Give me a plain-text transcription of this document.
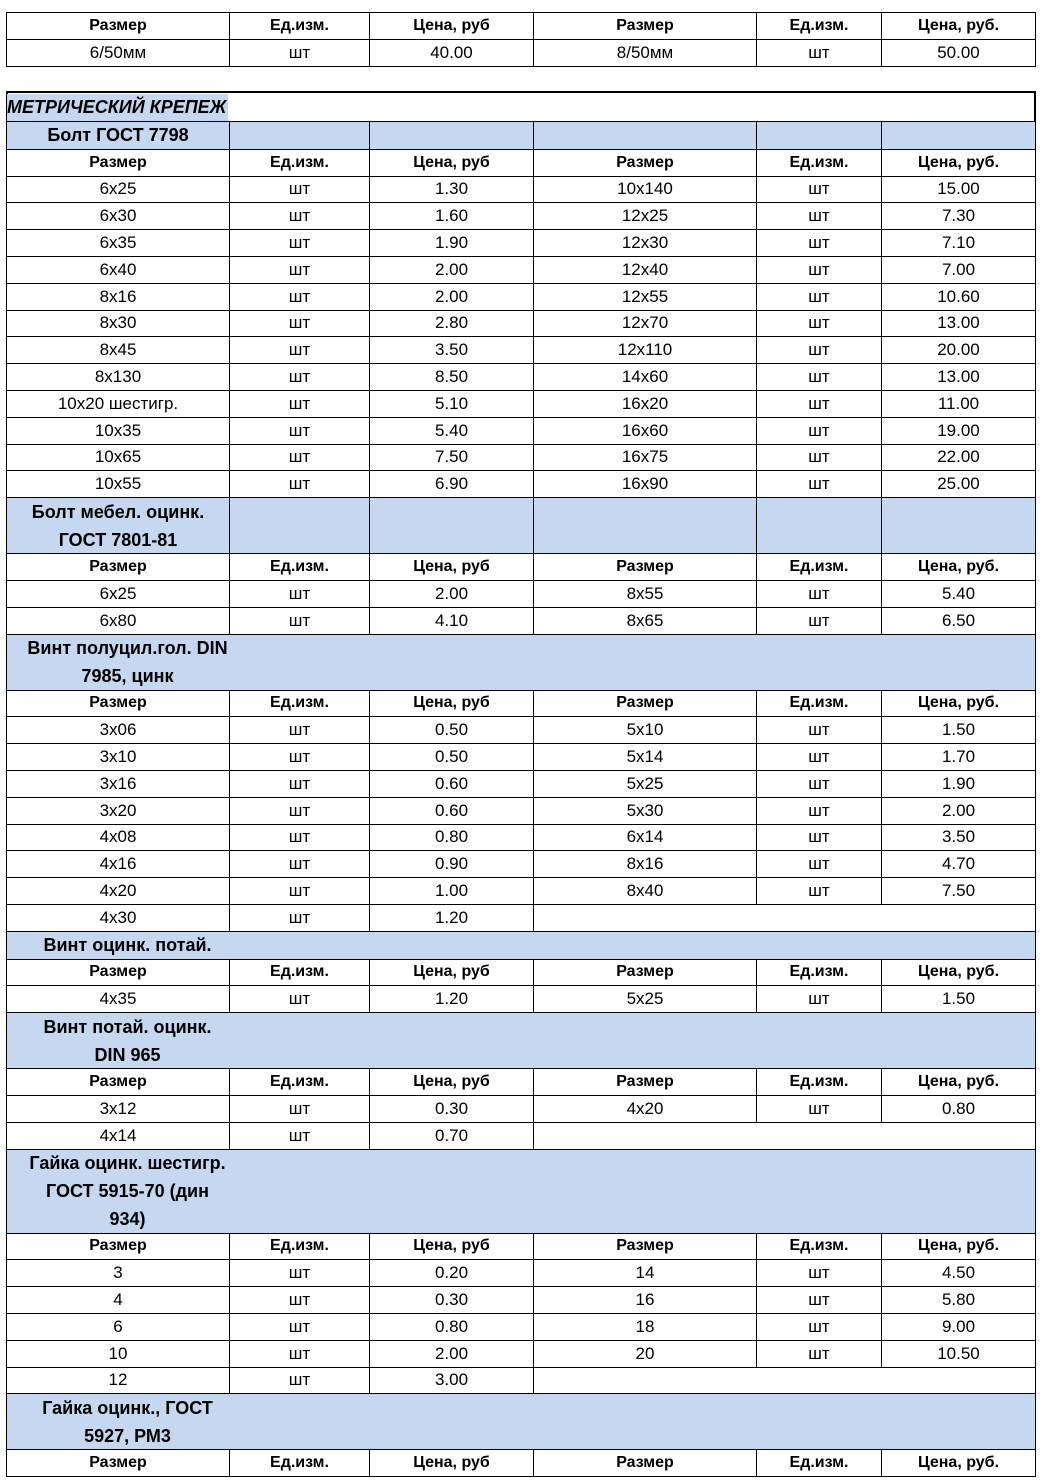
Размер	Ед.изм.	Цена, руб	Размер	Ед.изм.	Цена, руб.
6/50мм	шт	40.00	8/50мм	шт	50.00
МЕТРИЧЕСКИЙ КРЕПЕЖ
Болт ГОСТ 7798
Размер	Ед.изм.	Цена, руб	Размер	Ед.изм.	Цена, руб.
6х25	шт	1.30	10х140	шт	15.00
6х30	шт	1.60	12х25	шт	7.30
6х35	шт	1.90	12х30	шт	7.10
6х40	шт	2.00	12х40	шт	7.00
8х16	шт	2.00	12х55	шт	10.60
8х30	шт	2.80	12х70	шт	13.00
8х45	шт	3.50	12х110	шт	20.00
8х130	шт	8.50	14х60	шт	13.00
10х20 шестигр.	шт	5.10	16х20	шт	11.00
10х35	шт	5.40	16х60	шт	19.00
10х65	шт	7.50	16х75	шт	22.00
10х55	шт	6.90	16х90	шт	25.00
Болт мебел. оцинк.
ГОСТ 7801-81
Размер	Ед.изм.	Цена, руб	Размер	Ед.изм.	Цена, руб.
6х25	шт	2.00	8х55	шт	5.40
6х80	шт	4.10	8х65	шт	6.50
Винт полуцил.гол. DIN
7985, цинк
Размер	Ед.изм.	Цена, руб	Размер	Ед.изм.	Цена, руб.
3х06	шт	0.50	5х10	шт	1.50
3х10	шт	0.50	5х14	шт	1.70
3х16	шт	0.60	5х25	шт	1.90
3х20	шт	0.60	5х30	шт	2.00
4х08	шт	0.80	6х14	шт	3.50
4х16	шт	0.90	8х16	шт	4.70
4х20	шт	1.00	8х40	шт	7.50
4х30	шт	1.20
Винт оцинк. потай.
Размер	Ед.изм.	Цена, руб	Размер	Ед.изм.	Цена, руб.
4х35	шт	1.20	5х25	шт	1.50
Винт потай. оцинк.
DIN 965
Размер	Ед.изм.	Цена, руб	Размер	Ед.изм.	Цена, руб.
3х12	шт	0.30	4х20	шт	0.80
4х14	шт	0.70
Гайка оцинк. шестигр.
ГОСТ 5915-70 (дин
934)
Размер	Ед.изм.	Цена, руб	Размер	Ед.изм.	Цена, руб.
3	шт	0.20	14	шт	4.50
4	шт	0.30	16	шт	5.80
6	шт	0.80	18	шт	9.00
10	шт	2.00	20	шт	10.50
12	шт	3.00
Гайка оцинк., ГОСТ
5927, РМ3
Размер	Ед.изм.	Цена, руб	Размер	Ед.изм.	Цена, руб.
